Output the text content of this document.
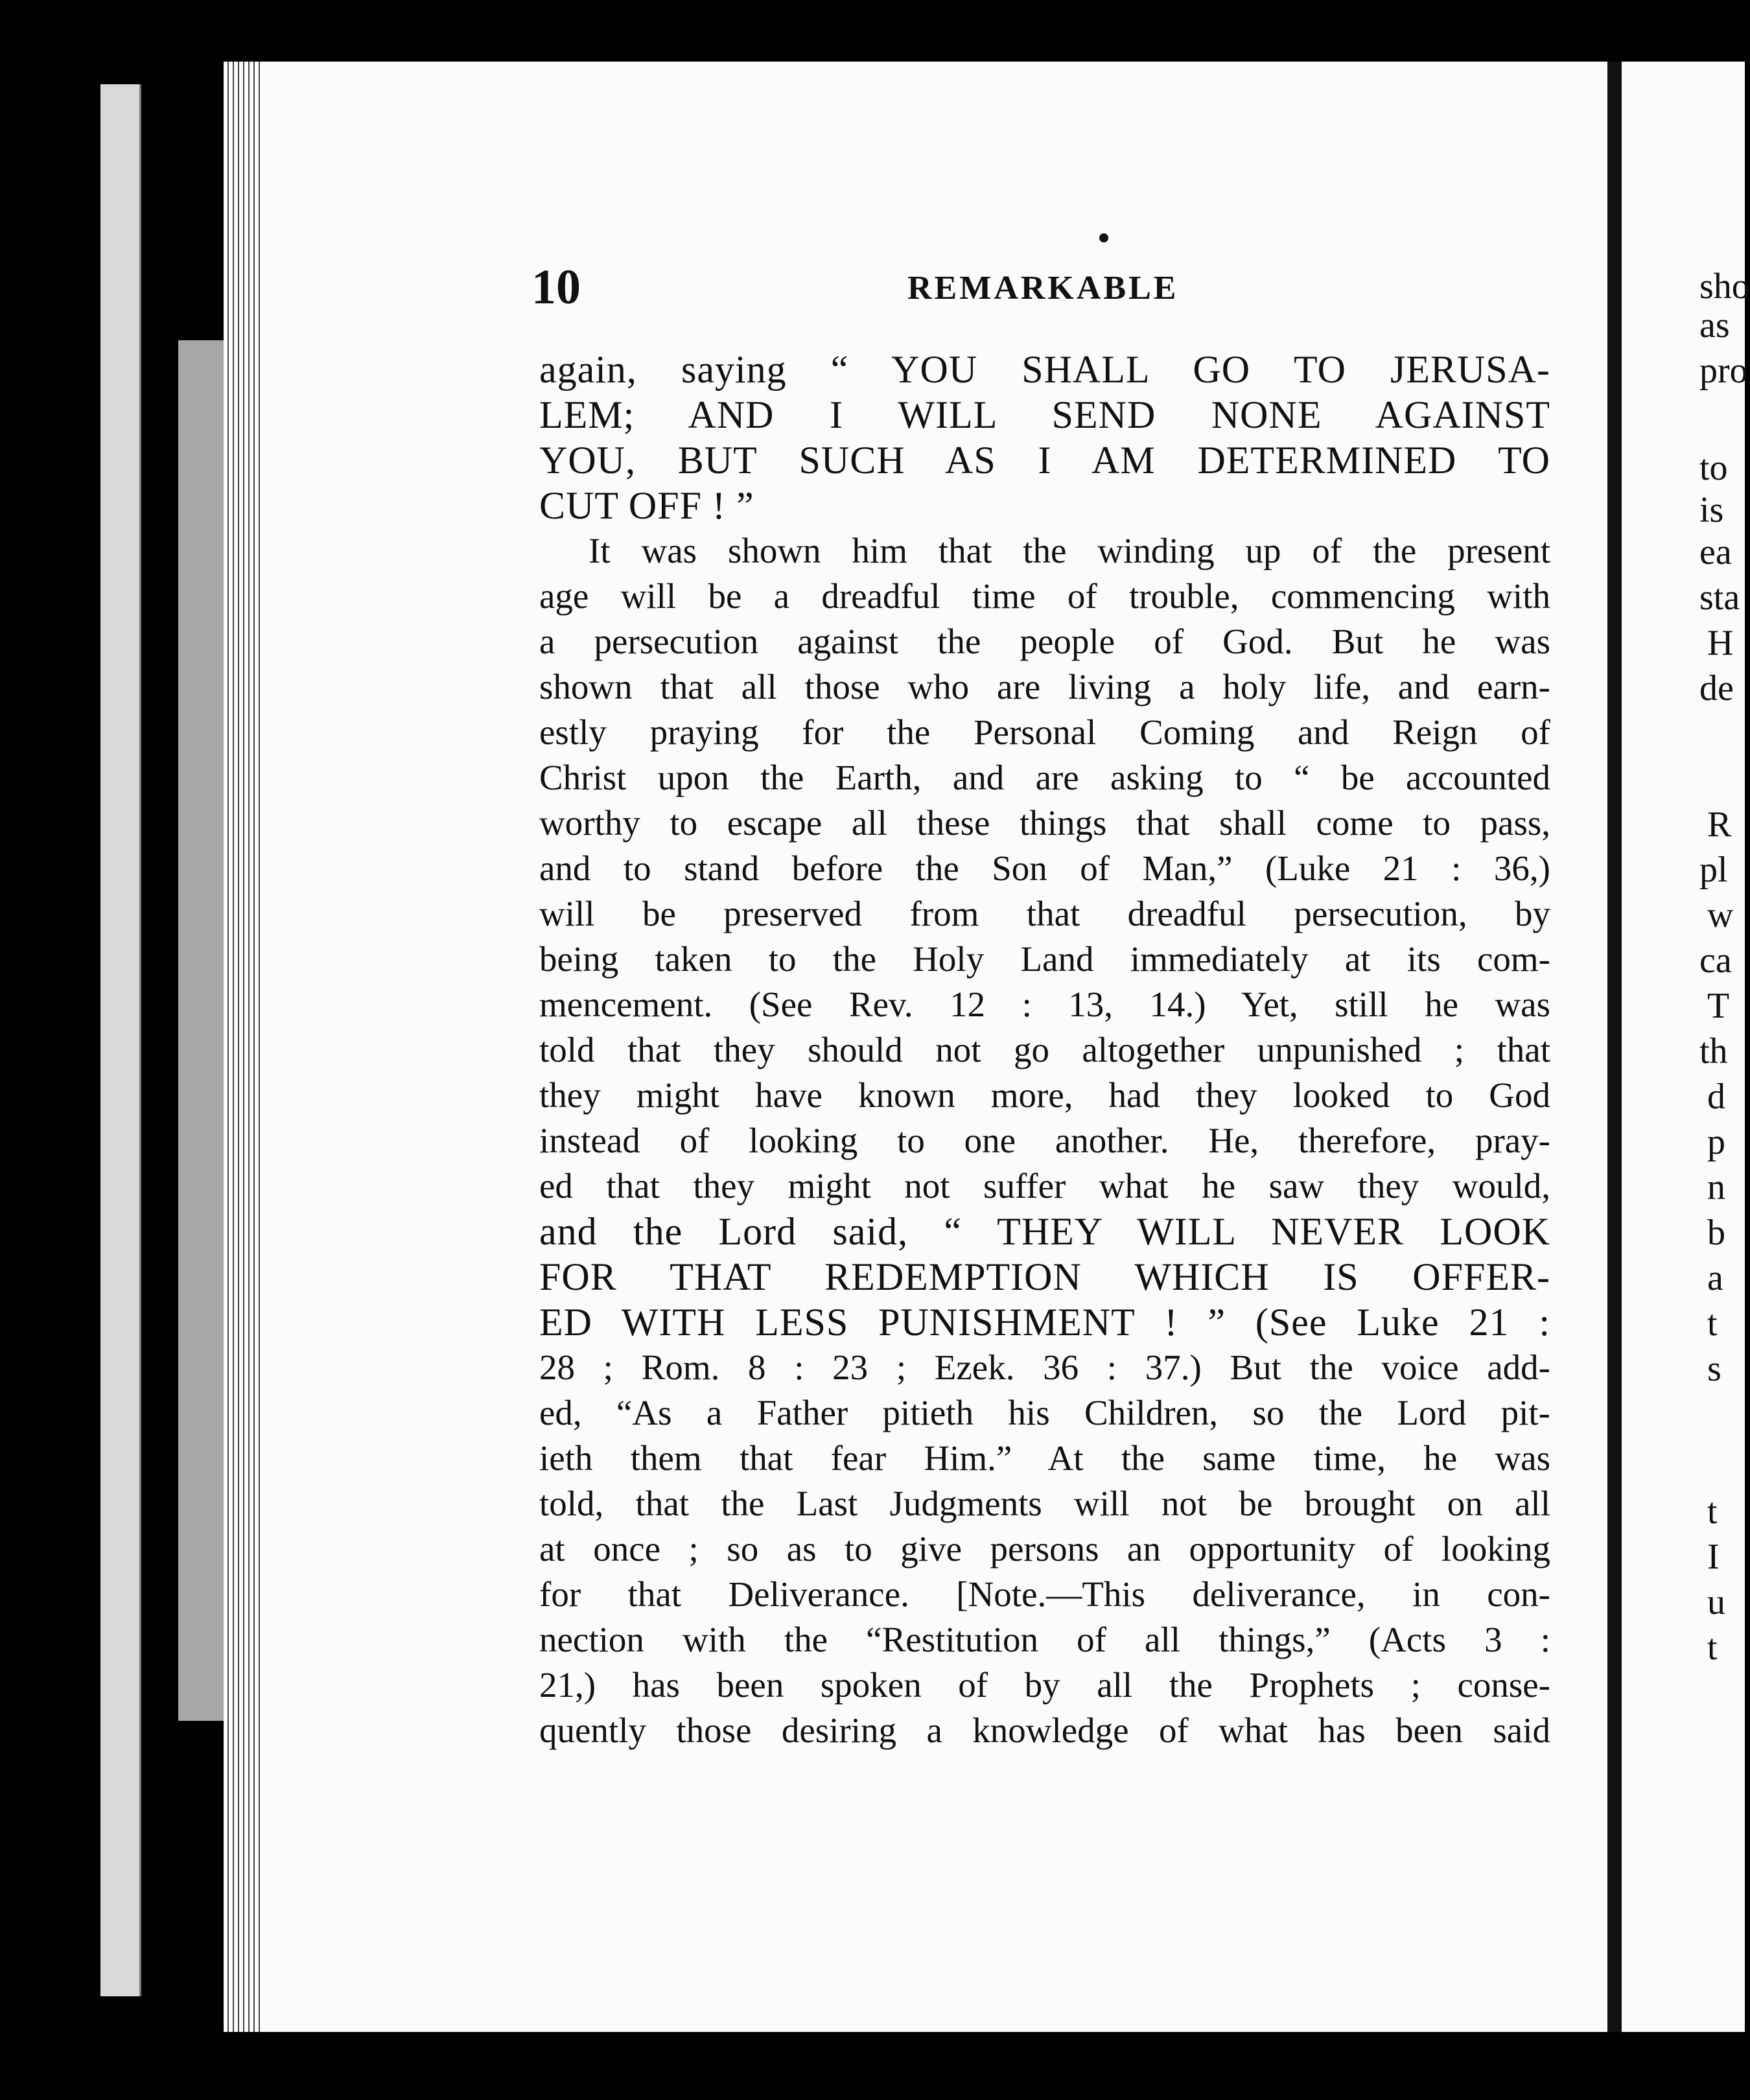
sho
as
pro
to
is
ea
sta
H
de
R
pl
w
ca
T
th
d
p
n
b
a
t
s
t
I
u
t
10	REMARKABLE
again, saying “ YOU SHALL GO TO JERUSA-
LEM; AND I WILL SEND NONE AGAINST
YOU, BUT SUCH AS I AM DETERMINED TO
CUT OFF ! ”
It was shown him that the winding up of the present
age will be a dreadful time of trouble, commencing with
a persecution against the people of God. But he was
shown that all those who are living a holy life, and earn-
estly praying for the Personal Coming and Reign of
Christ upon the Earth, and are asking to “ be accounted
worthy to escape all these things that shall come to pass,
and to stand before the Son of Man,” (Luke 21 : 36,)
will be preserved from that dreadful persecution, by
being taken to the Holy Land immediately at its com-
mencement. (See Rev. 12 : 13, 14.) Yet, still he was
told that they should not go altogether unpunished ; that
they might have known more, had they looked to God
instead of looking to one another. He, therefore, pray-
ed that they might not suffer what he saw they would,
and the Lord said, “ THEY WILL NEVER LOOK
FOR THAT REDEMPTION WHICH IS OFFER-
ED WITH LESS PUNISHMENT ! ” (See Luke 21 :
28 ; Rom. 8 : 23 ; Ezek. 36 : 37.) But the voice add-
ed, “As a Father pitieth his Children, so the Lord pit-
ieth them that fear Him.” At the same time, he was
told, that the Last Judgments will not be brought on all
at once ; so as to give persons an opportunity of looking
for that Deliverance. [Note.—This deliverance, in con-
nection with the “Restitution of all things,” (Acts 3 :
21,) has been spoken of by all the Prophets ; conse-
quently those desiring a knowledge of what has been said
